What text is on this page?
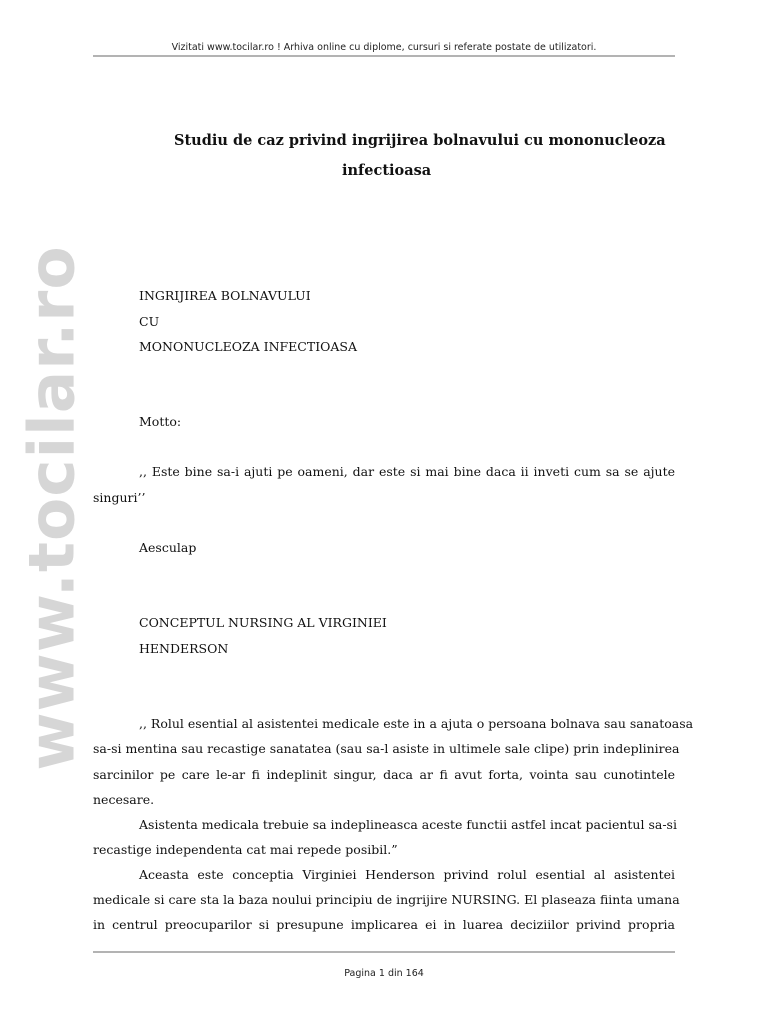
Vizitati www.tocilar.ro ! Arhiva online cu diplome, cursuri si referate postate de utilizatori.
www.tocilar.ro
Studiu de caz privind ingrijirea bolnavului cu mononucleoza
infectioasa
INGRIJIREA BOLNAVULUI
CU
MONONUCLEOZA INFECTIOASA
Motto:
,, Este bine sa-i ajuti pe oameni, dar este si mai bine daca ii inveti cum sa se ajute
singuri’’
Aesculap
CONCEPTUL NURSING AL VIRGINIEI
HENDERSON
,, Rolul esential al asistentei medicale este in a ajuta o persoana bolnava sau sanatoasa
sa-si mentina sau recastige sanatatea (sau sa-l asiste in ultimele sale clipe) prin indeplinirea
sarcinilor pe care le-ar fi indeplinit singur, daca ar fi avut forta, vointa sau cunotintele
necesare.
Asistenta medicala trebuie sa indeplineasca aceste functii astfel incat pacientul sa-si
recastige independenta cat mai repede posibil.”
Aceasta este conceptia Virginiei Henderson privind rolul esential al asistentei
medicale si care sta la baza noului principiu de ingrijire NURSING. El plaseaza fiinta umana
in centrul preocuparilor si presupune implicarea ei in luarea deciziilor privind propria
Pagina 1 din 164
